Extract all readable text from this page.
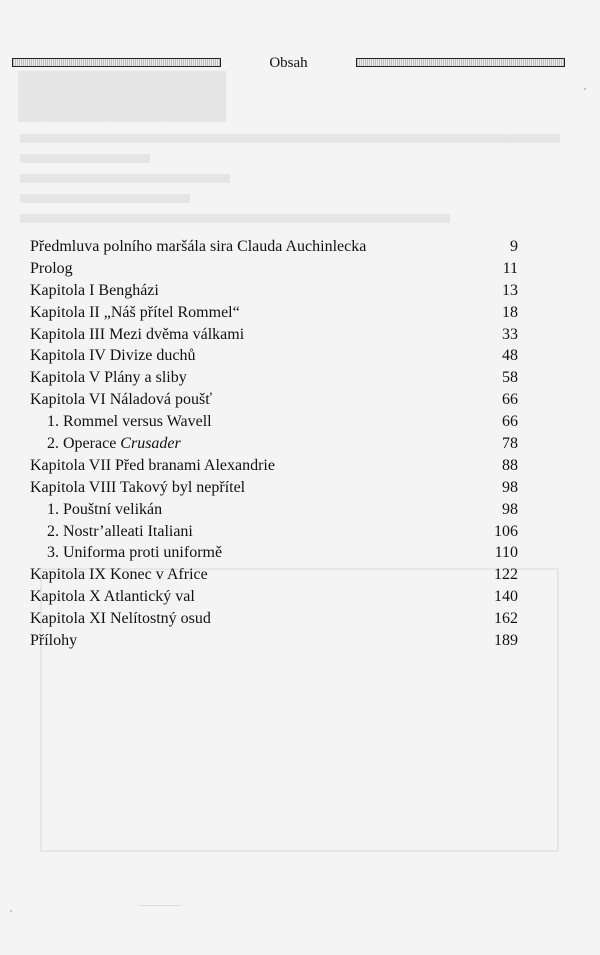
███████
Obsah
Předmluva polního maršála sira Clauda Auchinlecka	9
Prolog	11
Kapitola I Bengházi	13
Kapitola II „Náš přítel Rommel“	18
Kapitola III Mezi dvěma válkami	33
Kapitola IV Divize duchů	48
Kapitola V Plány a sliby	58
Kapitola VI Náladová poušť	66
1. Rommel versus Wavell	66
2. Operace Crusader	78
Kapitola VII Před branami Alexandrie	88
Kapitola VIII Takový byl nepřítel	98
1. Pouštní velikán	98
2. Nostr’alleati Italiani	106
3. Uniforma proti uniformě	110
Kapitola IX Konec v Africe	122
Kapitola X Atlantický val	140
Kapitola XI Nelítostný osud	162
Přílohy	189
